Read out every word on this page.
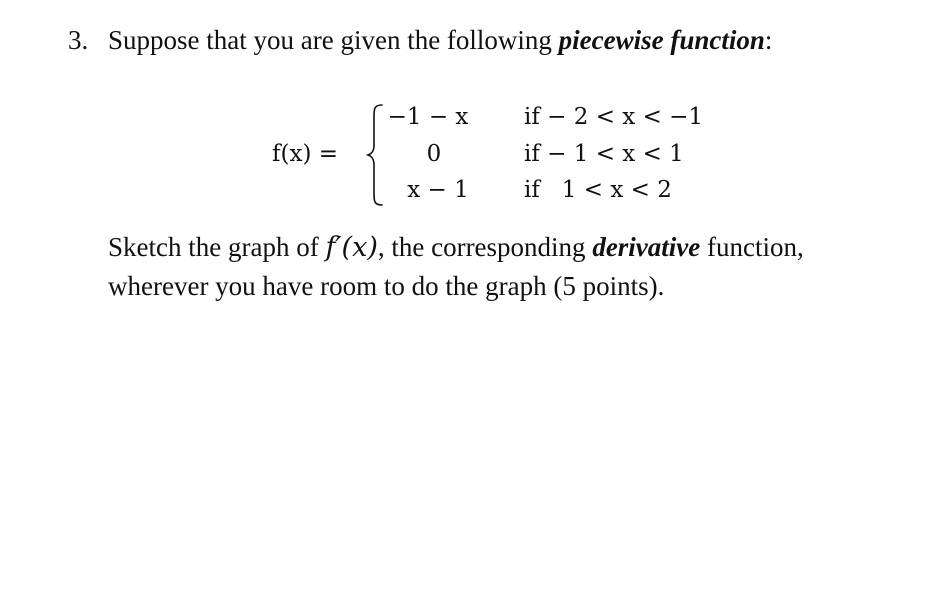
3. Suppose that you are given the following piecewise function:
f(x) =
−1 − x
0
x − 1
if − 2 < x < −1
if − 1 < x < 1
if   1 < x < 2
Sketch the graph of f′(x), the corresponding derivative function, wherever you have room to do the graph (5 points).
